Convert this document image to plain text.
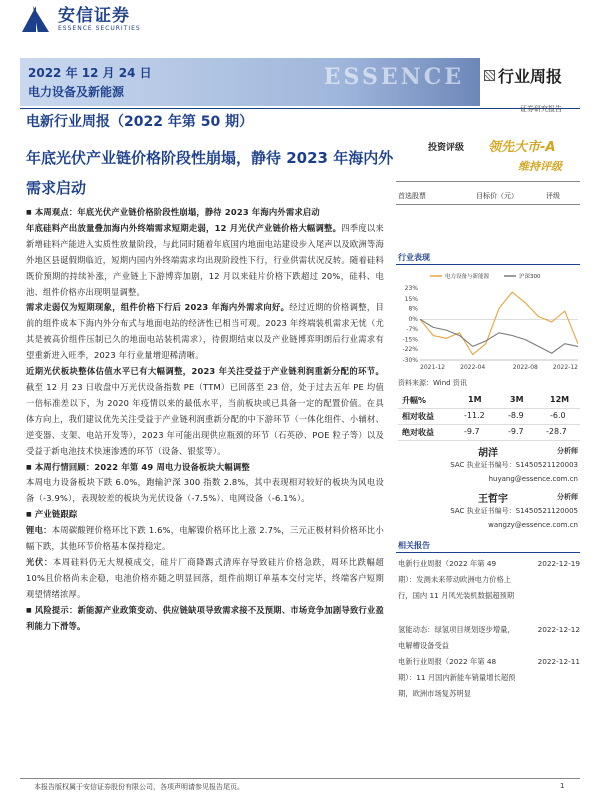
安信证券
ESSENCE SECURITIES
ESSENCE
2022 年 12 月 24 日
电力设备及新能源
行业周报
证券研究报告
电新行业周报（2022 年第 50 期）
年底光伏产业链价格阶段性崩塌，静待 2023 年海内外需求启动
投资评级 领先大市-A
维持评级
首选股票	目标价（元）	评级

■ 本周观点：年底光伏产业链价格阶段性崩塌，静待 2023 年海内外需求启动

年底硅料产出放量叠加海内外终端需求短期走弱，12 月光伏产业链价格大幅调整。四季度以来新增硅料产能进入实质性放量阶段，与此同时随着年底国内地面电站建设步入尾声以及欧洲等海外地区县诞假期临近，短期内国内外终端需求均出现阶段性下行，行业供需状况反转。随着硅料既价预期的持续补涨，产业链上下游博弈加剧，12 月以来硅片价格下跌超过 20%，硅料、电池、组件价格亦出现明显调整。

需求走弱仅为短期现象，组件价格下行后 2023 年海内外需求向好。经过近期的价格调整，目前的组件成本下海内外分布式与地面电站的经济性已相当可观。2023 年终端装机需求无忧（尤其是被高价组件压制已久的地面电站装机需求），待假期结束以及产业链博弈明朗后行业需求有望重新进入旺季，2023 年行业量增迎稀清晰。

近期光伏板块整体估值水平已有大幅调整，2023 年关注受益于产业链利润重新分配的环节。截至 12 月 23 日收盘中万光伏设备指数 PE（TTM）已回落至 23 倍，处于过去五年 PE 均值一倍标准差以下，为 2020 年疫情以来的最低水平，当前板块或已具备一定的配置价值。在具体方向上，我们建议优先关注受益于产业链利润重新分配的中下游环节（一体化组件、小辅材、逆变器、支架、电站开发等），2023 年可能出现供应瓶颈的环节（石英砂、POE 粒子等）以及受益于新电池技术快速渗透的环节（设备、银浆等）。

■ 本周行情回顾：2022 年第 49 周电力设备板块大幅调整

本周电力设备板块下跌 6.0%，跑输沪深 300 指数 2.8%，其中表现相对较好的板块为风电设备（-3.9%），表现较差的板块为光伏设备（-7.5%）、电网设备（-6.1%）。

■ 产业链跟踪

锂电：本周碳酸锂价格环比下跌 1.6%，电解镍价格环比上涨 2.7%，三元正极材料价格环比小幅下跌，其他环节价格基本保持稳定。

光伏：本周硅料仍无大规模成交，硅片厂商降踢式清库存导致硅片价格急跌，周环比跌幅超 10%且价格尚未企稳，电池价格亦随之明显回落，组件前期订单基本交付完毕，终端客户短期观望情绪浓厚。

■ 风险提示：新能源产业政策变动、供应链缺项导致需求接不及预期、市场竞争加剧导致行业盈利能力下滑等。

行业表现
23%
15%
8%
0%
-7%
-15%
-22%
-30%
2021-12	2022-04	2022-08	2022-12
电力设备与新能源	沪深300
资料来源：Wind 资讯
升幅%	1M	3M	12M
相对收益	-11.2	-8.9	-6.0
绝对收益	-9.7	-9.7	-28.7
胡洋	分析师
SAC 执业证书编号：S1450521120003
huyang@essence.com.cn
王哲宇	分析师
SAC 执业证书编号：S1450521120005
wangzy@essence.com.cn
相关报告
电新行业周报（2022 年第 49 期）：发测未来带动欧洲电力价格上行，国内 11 月风光装机数据超预期
2022-12-19
氢能动态：绿氢项目规划逐步增量，电解槽设备受益
2022-12-12
电新行业周报（2022 年第 48 期）：11 月国内新能车销量增长超预期，欧洲市场复苏明显
2022-12-11
本报告版权属于安信证券股份有限公司，各项声明请参见报告尾页。	1
